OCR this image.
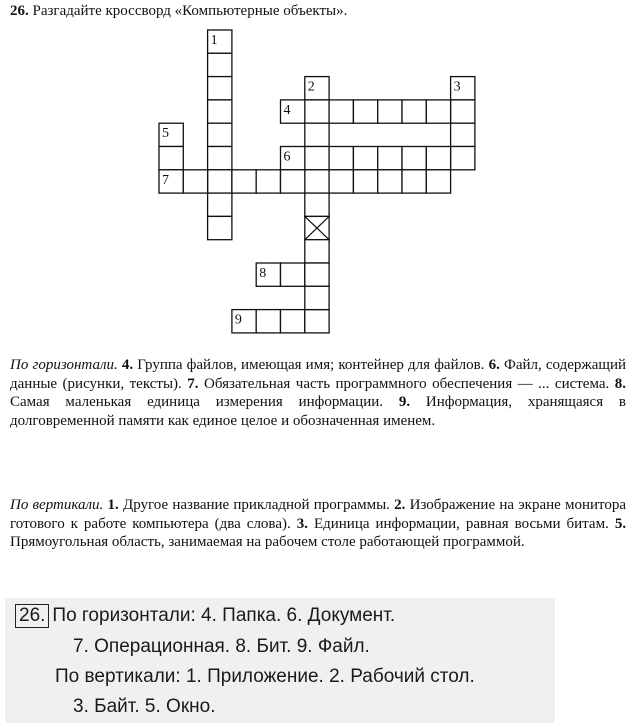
26. Разгадайте кроссворд «Компьютерные объекты».
1
2	3
4
5
6
7
8
9
По горизонтали. 4. Группа файлов, имеющая имя; контейнер для файлов. 6. Файл, содержащий данные (рисунки, тексты). 7. Обязательная часть программного обеспечения — ... система. 8. Самая маленькая единица измерения информации. 9. Информация, хранящаяся в долговременной памяти как единое целое и обозначенная именем.
По вертикали. 1. Другое название прикладной программы. 2. Изображение на экране монитора готового к работе компьютера (два слова). 3. Единица информации, равная восьми битам. 5. Прямоугольная область, занимаемая на рабочем столе работающей программой.
26. По горизонтали: 4. Папка. 6. Документ.
7. Операционная. 8. Бит. 9. Файл.
По вертикали: 1. Приложение. 2. Рабочий стол.
3. Байт. 5. Окно.
